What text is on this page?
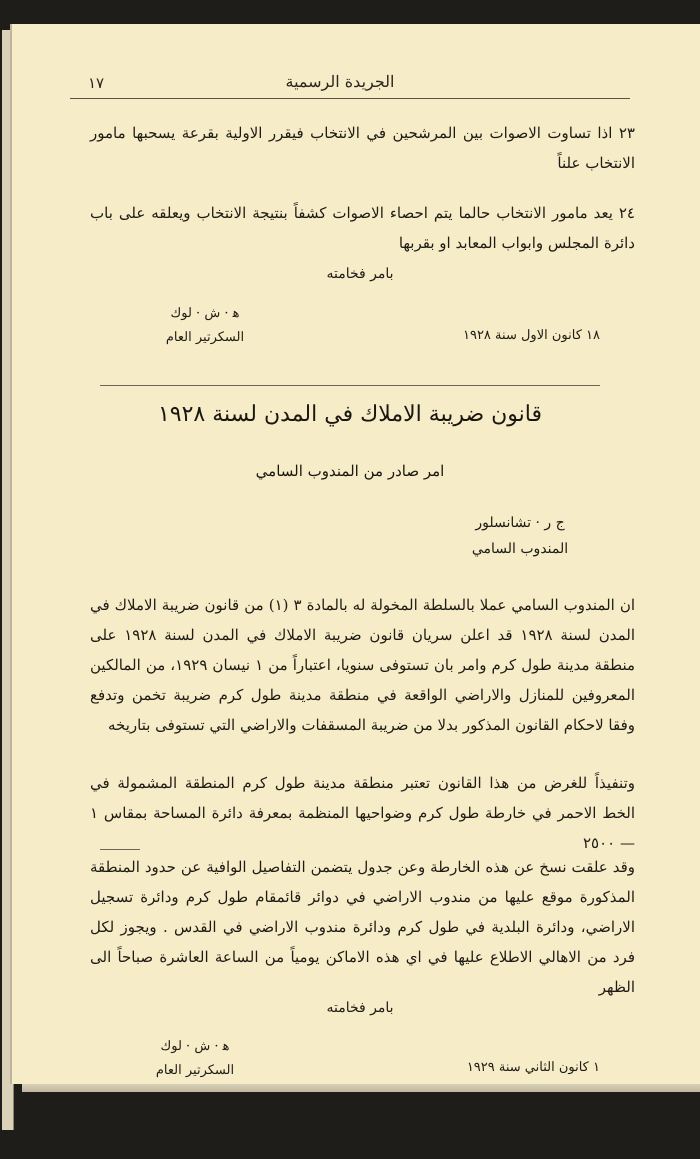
١٧	الجريدة الرسمية
٢٣ اذا تساوت الاصوات بين المرشحين في الانتخاب فيقرر الاولية بقرعة يسحبها مامور الانتخاب علناً
٢٤ يعد مامور الانتخاب حالما يتم احصاء الاصوات كشفاً بنتيجة الانتخاب ويعلقه على باب دائرة المجلس وابواب المعابد او بقربها
بامر فخامته
ﻫ · ش · لوك
السكرتير العام	١٨ كانون الاول سنة ١٩٢٨
قانون ضريبة الاملاك في المدن لسنة ١٩٢٨
امر صادر من المندوب السامي
ج ر · تشانسلور
المندوب السامي
ان المندوب السامي عملا بالسلطة المخولة له بالمادة ٣ (١) من قانون ضريبة الاملاك في المدن لسنة ١٩٢٨ قد اعلن سريان قانون ضريبة الاملاك في المدن لسنة ١٩٢٨ على منطقة مدينة طول كرم وامر بان تستوفى سنويا، اعتباراً من ١ نيسان ١٩٢٩، من المالكين المعروفين للمنازل والاراضي الواقعة في منطقة مدينة طول كرم ضريبة تخمن وتدفع وفقا لاحكام القانون المذكور بدلا من ضريبة المسقفات والاراضي التي تستوفى بتاريخه
وتنفيذاً للغرض من هذا القانون تعتبر منطقة مدينة طول كرم المنطقة المشمولة في الخط الاحمر في خارطة طول كرم وضواحيها المنظمة بمعرفة دائرة المساحة بمقاس ١ — ٢٥٠٠
وقد علقت نسخ عن هذه الخارطة وعن جدول يتضمن التفاصيل الوافية عن حدود المنطقة المذكورة موقع عليها من مندوب الاراضي في دوائر قائمقام طول كرم ودائرة تسجيل الاراضي، ودائرة البلدية في طول كرم ودائرة مندوب الاراضي في القدس . ويجوز لكل فرد من الاهالي الاطلاع عليها في اي هذه الاماكن يومياً من الساعة العاشرة صباحاً الى الظهر
بامر فخامته
ﻫ · ش · لوك
السكرتير العام	١ كانون الثاني سنة ١٩٢٩
